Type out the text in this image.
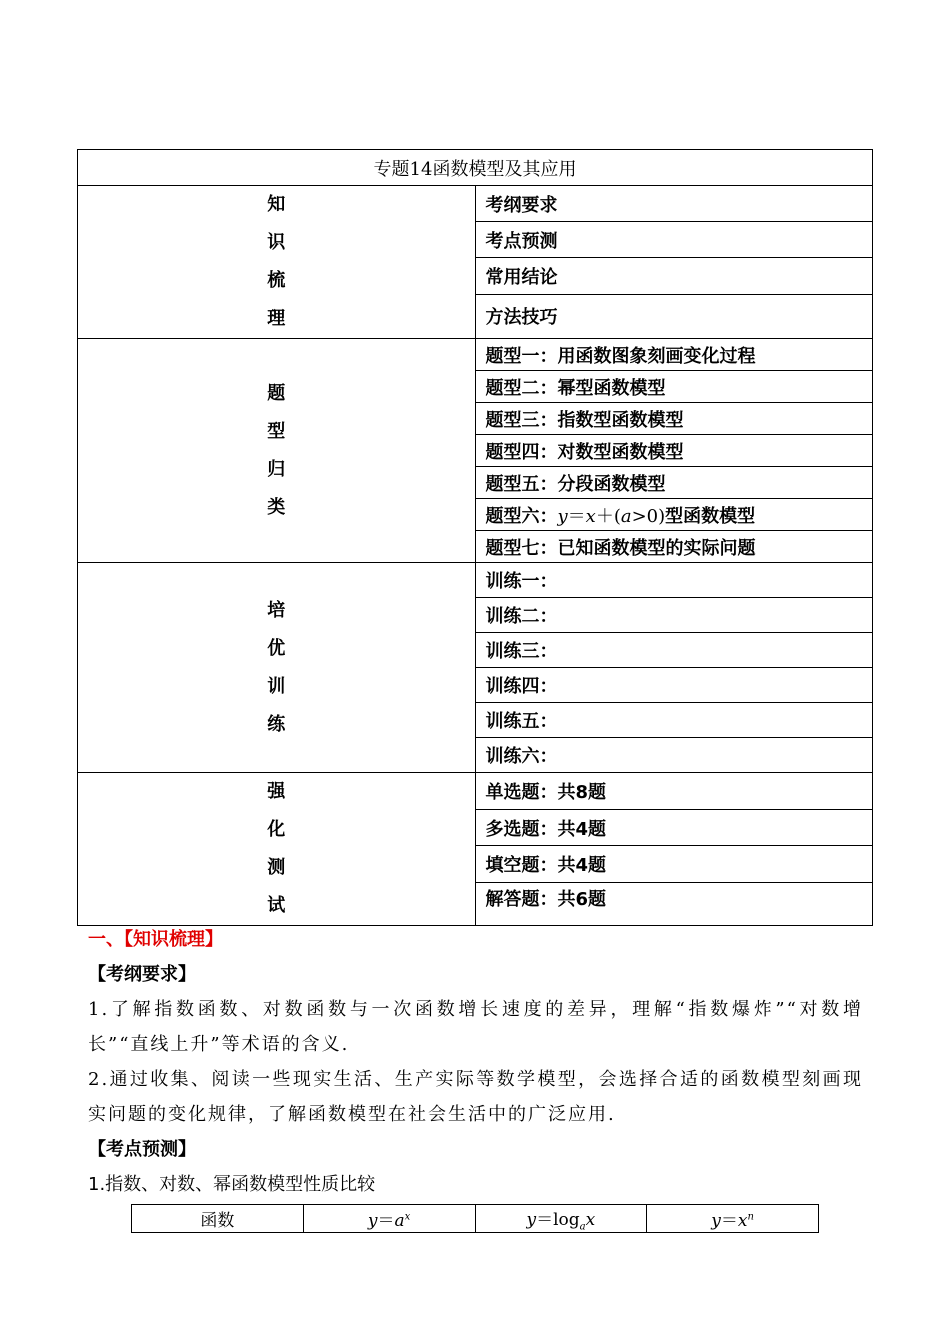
专题14函数模型及其应用	

知
识
梳
理	考纲要求
	考点预测
	常用结论
	方法技巧

题
型
归
类	题型一：用函数图象刻画变化过程
	题型二：幂型函数模型
	题型三：指数型函数模型
	题型四：对数型函数模型
	题型五：分段函数模型
	题型六：y＝x＋(a>0)型函数模型
	题型七：已知函数模型的实际问题

培
优
训
练	训练一：
	训练二：
	训练三：
	训练四：
	训练五：
	训练六：

强
化
测
试	单选题：共8题
	多选题：共4题
	填空题：共4题
	解答题：共6题
一、【知识梳理】
【考纲要求】
1.了解指数函数、对数函数与一次函数增长速度的差异，理解“指数爆炸”“对数增长”“直线上升”等术语的含义.
2.通过收集、阅读一些现实生活、生产实际等数学模型，会选择合适的函数模型刻画现实问题的变化规律，了解函数模型在社会生活中的广泛应用.
【考点预测】
1.指数、对数、幂函数模型性质比较
函数	$y=a^x$	$y=\log_ax$	$y=x^n$
